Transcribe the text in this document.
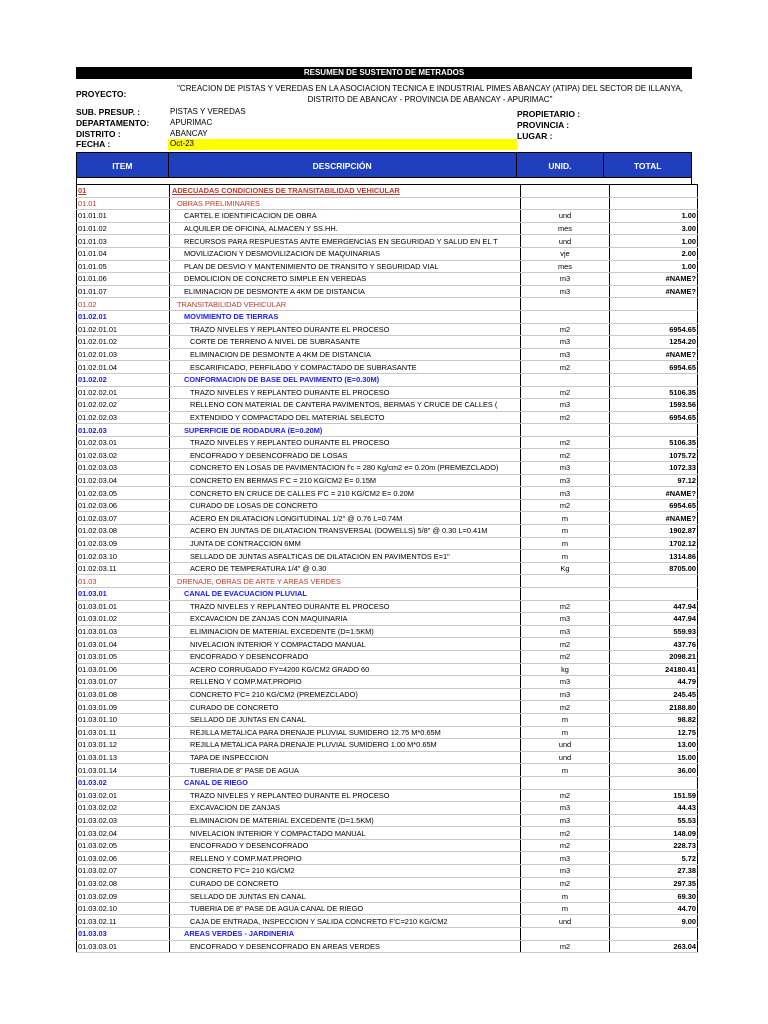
RESUMEN DE SUSTENTO DE METRADOS
PROYECTO:
"CREACION DE PISTAS Y VEREDAS EN LA ASOCIACION TECNICA E INDUSTRIAL PIMES ABANCAY (ATIPA) DEL SECTOR DE ILLANYA,
DISTRITO DE ABANCAY - PROVINCIA DE ABANCAY - APURIMAC"
SUB. PRESUP. :	PISTAS Y VEREDAS
DEPARTAMENTO:	APURIMAC
DISTRITO :	ABANCAY
FECHA :	Oct-23
PROPIETARIO :
PROVINCIA :
LUGAR :
ITEM	DESCRIPCIÓN	UNID.	TOTAL
01	ADECUADAS CONDICIONES DE TRANSITABILIDAD VEHICULAR		
01.01	OBRAS PRELIMINARES		
01.01.01	CARTEL E IDENTIFICACION DE OBRA	und	1.00
01.01.02	ALQUILER DE OFICINA, ALMACEN Y SS.HH.	mes	3.00
01.01.03	RECURSOS PARA RESPUESTAS ANTE EMERGENCIAS EN SEGURIDAD Y SALUD EN EL T	und	1.00
01.01.04	MOVILIZACION Y DESMOVILIZACION DE MAQUINARIAS	vje	2.00
01.01.05	PLAN DE DESVIO Y MANTENIMIENTO DE TRANSITO Y SEGURIDAD VIAL	mes	1.00
01.01.06	DEMOLICION DE CONCRETO SIMPLE EN VEREDAS	m3	#NAME?
01.01.07	ELIMINACION DE DESMONTE A 4KM DE DISTANCIA	m3	#NAME?
01.02	TRANSITABILIDAD VEHICULAR		
01.02.01	MOVIMIENTO DE TIERRAS		
01.02.01.01	TRAZO NIVELES Y REPLANTEO DURANTE EL PROCESO	m2	6954.65
01.02.01.02	CORTE DE TERRENO A NIVEL DE SUBRASANTE	m3	1254.20
01.02.01.03	ELIMINACION DE DESMONTE A 4KM DE DISTANCIA	m3	#NAME?
01.02.01.04	ESCARIFICADO, PERFILADO Y COMPACTADO DE SUBRASANTE	m2	6954.65
01.02.02	CONFORMACION DE BASE DEL PAVIMENTO (E=0.30M)		
01.02.02.01	TRAZO NIVELES Y REPLANTEO DURANTE EL PROCESO	m2	5106.35
01.02.02.02	RELLENO CON MATERIAL DE CANTERA PAVIMENTOS, BERMAS Y CRUCE DE CALLES (	m3	1593.56
01.02.02.03	EXTENDIDO Y COMPACTADO DEL MATERIAL SELECTO	m2	6954.65
01.02.03	SUPERFICIE DE RODADURA (E=0.20M)		
01.02.03.01	TRAZO NIVELES Y REPLANTEO DURANTE EL PROCESO	m2	5106.35
01.02.03.02	ENCOFRADO Y DESENCOFRADO DE LOSAS	m2	1075.72
01.02.03.03	CONCRETO EN LOSAS DE PAVIMENTACION f'c = 280 Kg/cm2 e= 0.20m (PREMEZCLADO)	m3	1072.33
01.02.03.04	CONCRETO EN BERMAS F'C = 210 KG/CM2 E= 0.15M	m3	97.12
01.02.03.05	CONCRETO EN CRUCE DE CALLES F'C = 210 KG/CM2 E= 0.20M	m3	#NAME?
01.02.03.06	CURADO DE LOSAS DE CONCRETO	m2	6954.65
01.02.03.07	ACERO EN DILATACION LONGITUDINAL 1/2" @ 0.76 L=0.74M	m	#NAME?
01.02.03.08	ACERO EN JUNTAS DE DILATACION TRANSVERSAL (DOWELLS) 5/8" @ 0.30 L=0.41M	m	1902.87
01.02.03.09	JUNTA DE CONTRACCION 6MM	m	1702.12
01.02.03.10	SELLADO DE JUNTAS ASFALTICAS DE DILATACION EN PAVIMENTOS E=1"	m	1314.86
01.02.03.11	ACERO DE TEMPERATURA 1/4" @ 0.30	Kg	8705.00
01.03	DRENAJE, OBRAS DE ARTE Y AREAS VERDES		
01.03.01	CANAL DE EVACUACION PLUVIAL		
01.03.01.01	TRAZO NIVELES Y REPLANTEO DURANTE EL PROCESO	m2	447.94
01.03.01.02	EXCAVACION DE ZANJAS CON MAQUINARIA	m3	447.94
01.03.01.03	ELIMINACION DE MATERIAL EXCEDENTE (D=1.5KM)	m3	559.93
01.03.01.04	NIVELACION INTERIOR Y COMPACTADO MANUAL	m2	437.76
01.03.01.05	ENCOFRADO Y DESENCOFRADO	m2	2098.21
01.03.01.06	ACERO CORRUGADO FY=4200 KG/CM2 GRADO 60	kg	24180.41
01.03.01.07	RELLENO Y COMP.MAT.PROPIO	m3	44.79
01.03.01.08	CONCRETO F'C= 210 KG/CM2 (PREMEZCLADO)	m3	245.45
01.03.01.09	CURADO DE CONCRETO	m2	2188.80
01.03.01.10	SELLADO DE JUNTAS EN CANAL	m	98.82
01.03.01.11	REJILLA METALICA PARA DRENAJE PLUVIAL SUMIDERO 12.75 M*0.65M	m	12.75
01.03.01.12	REJILLA METALICA PARA DRENAJE PLUVIAL SUMIDERO 1.00 M*0.65M	und	13.00
01.03.01.13	TAPA DE INSPECCION	und	15.00
01.03.01.14	TUBERIA DE 8" PASE DE AGUA	m	36.00
01.03.02	CANAL DE RIEGO		
01.03.02.01	TRAZO NIVELES Y REPLANTEO DURANTE EL PROCESO	m2	151.59
01.03.02.02	EXCAVACION DE ZANJAS	m3	44.43
01.03.02.03	ELIMINACION DE MATERIAL EXCEDENTE (D=1.5KM)	m3	55.53
01.03.02.04	NIVELACION INTERIOR Y COMPACTADO MANUAL	m2	148.09
01.03.02.05	ENCOFRADO Y DESENCOFRADO	m2	228.73
01.03.02.06	RELLENO Y COMP.MAT.PROPIO	m3	5.72
01.03.02.07	CONCRETO F'C= 210 KG/CM2	m3	27.38
01.03.02.08	CURADO DE CONCRETO	m2	297.35
01.03.02.09	SELLADO DE JUNTAS EN CANAL	m	69.30
01.03.02.10	TUBERIA DE 8" PASE DE AGUA CANAL DE RIEGO	m	44.70
01.03.02.11	CAJA DE ENTRADA, INSPECCION Y SALIDA CONCRETO F'C=210 KG/CM2	und	9.00
01.03.03	AREAS VERDES - JARDINERIA		
01.03.03.01	ENCOFRADO Y DESENCOFRADO EN AREAS VERDES	m2	263.04
